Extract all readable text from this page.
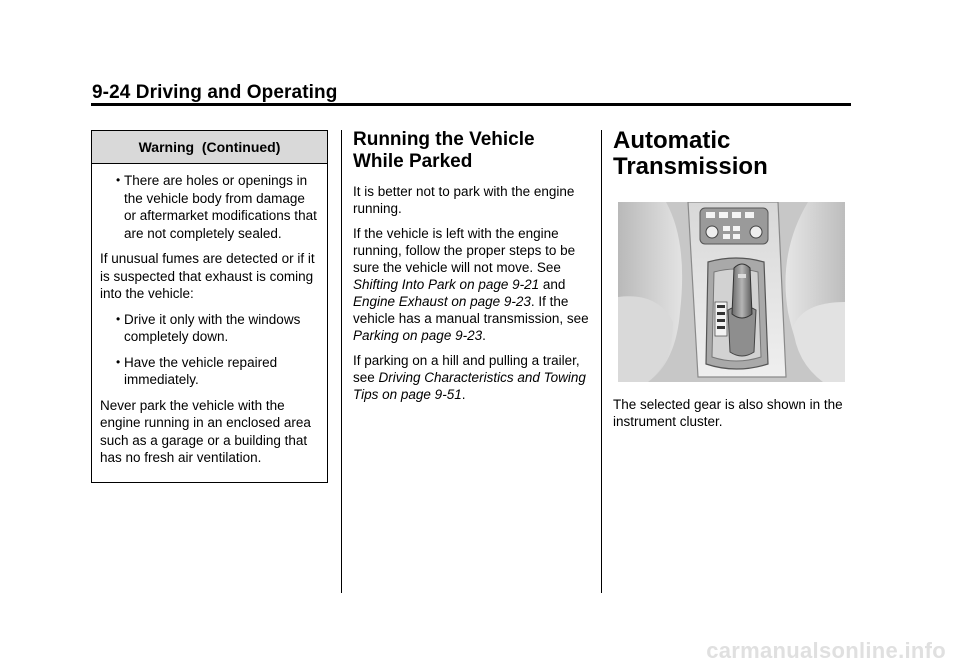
9-24 Driving and Operating
Warning  (Continued)
• There are holes or openings in the vehicle body from damage or aftermarket modifications that are not completely sealed.
If unusual fumes are detected or if it is suspected that exhaust is coming into the vehicle:
• Drive it only with the windows completely down.
• Have the vehicle repaired immediately.
Never park the vehicle with the engine running in an enclosed area such as a garage or a building that has no fresh air ventilation.
Running the Vehicle
While Parked

It is better not to park with the engine running.

If the vehicle is left with the engine running, follow the proper steps to be sure the vehicle will not move. See Shifting Into Park on page 9-21 and Engine Exhaust on page 9-23. If the vehicle has a manual transmission, see Parking on page 9-23.

If parking on a hill and pulling a trailer, see Driving Characteristics and Towing Tips on page 9-51.

Automatic
Transmission
The selected gear is also shown in the instrument cluster.
carmanualsonline.info
